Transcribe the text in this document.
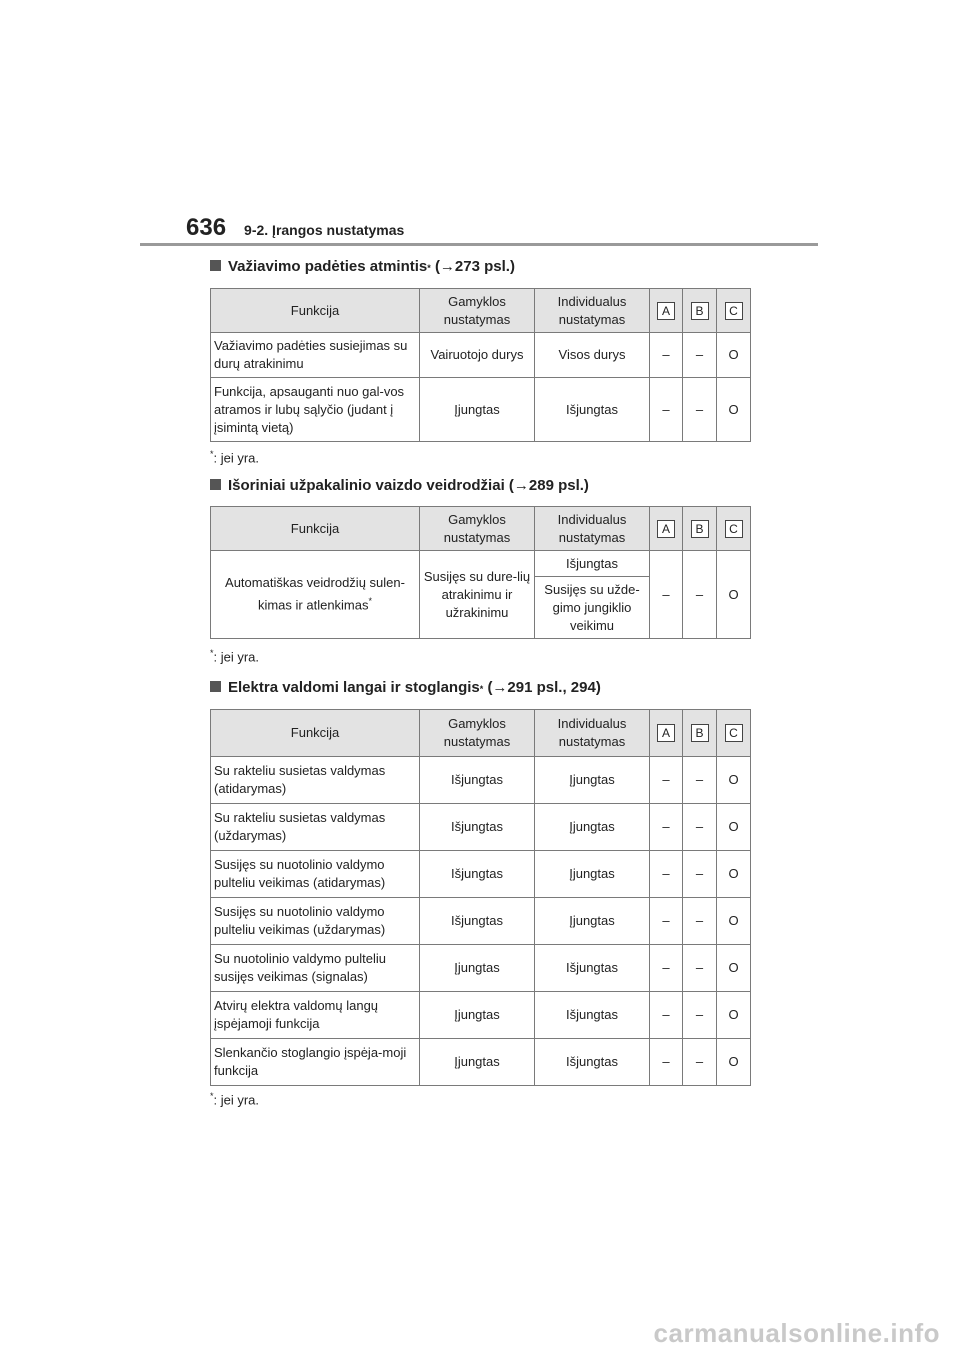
636 9-2. Įrangos nustatymas
Važiavimo padėties atmintis *
(→273 psl.)
Funkcija	Gamyklos nustatymas	Individualus nustatymas	A	B	C
Važiavimo padėties susiejimas su durų atrakinimu	Vairuotojo durys	Visos durys	–	–	O
Funkcija, apsauganti nuo gal-vos atramos ir lubų sąlyčio (judant į įsimintą vietą)	Įjungtas	Išjungtas	–	–	O
*: jei yra.
Išoriniai užpakalinio vaizdo veidrodžiai (→289 psl.)
Funkcija	Gamyklos nustatymas	Individualus nustatymas	A	B	C
Automatiškas veidrodžių sulen-kimas ir atlenkimas*	Susijęs su dure-lių atrakinimu ir užrakinimu	Išjungtas	–	–	O
		Susijęs su užde-gimo jungiklio veikimu			
*: jei yra.
Elektra valdomi langai ir stoglangis *
(→291 psl., 294)
Funkcija	Gamyklos nustatymas	Individualus nustatymas	A	B	C
Su rakteliu susietas valdymas (atidarymas)	Išjungtas	Įjungtas	–	–	O
Su rakteliu susietas valdymas (uždarymas)	Išjungtas	Įjungtas	–	–	O
Susijęs su nuotolinio valdymo pulteliu veikimas (atidarymas)	Išjungtas	Įjungtas	–	–	O
Susijęs su nuotolinio valdymo pulteliu veikimas (uždarymas)	Išjungtas	Įjungtas	–	–	O
Su nuotolinio valdymo pulteliu susijęs veikimas (signalas)	Įjungtas	Išjungtas	–	–	O
Atvirų elektra valdomų langų įspėjamoji funkcija	Įjungtas	Išjungtas	–	–	O
Slenkančio stoglangio įspėja-moji funkcija	Įjungtas	Išjungtas	–	–	O
*: jei yra.
carmanualsonline.info
